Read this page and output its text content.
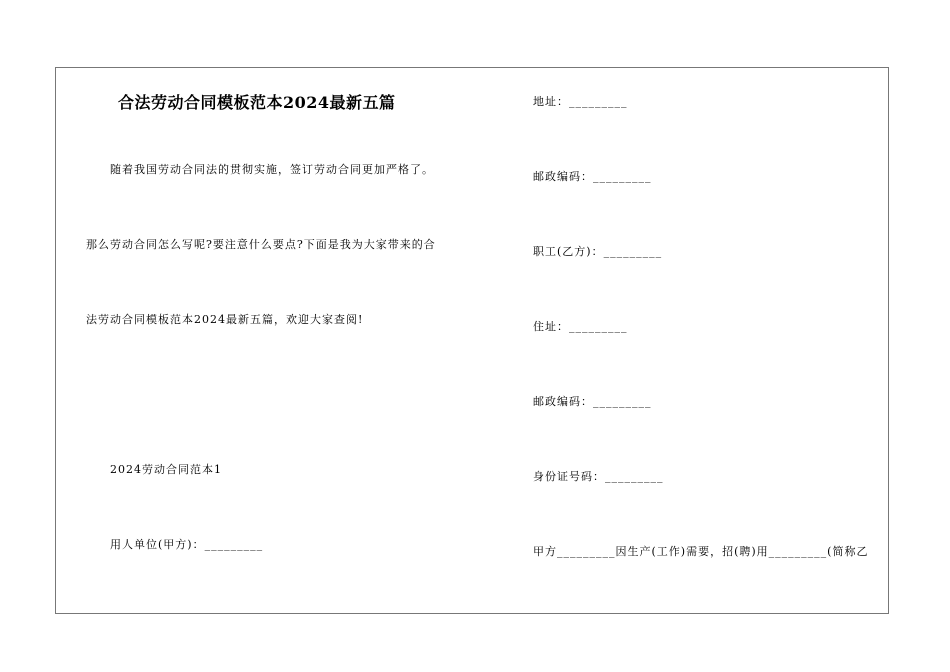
合法劳动合同模板范本2024最新五篇
随着我国劳动合同法的贯彻实施，签订劳动合同更加严格了。
那么劳动合同怎么写呢?要注意什么要点?下面是我为大家带来的合
法劳动合同模板范本2024最新五篇，欢迎大家查阅!
2024劳动合同范本1
用人单位(甲方)：_________
地址：_________
邮政编码：_________
职工(乙方)：_________
住址：_________
邮政编码：_________
身份证号码：_________
甲方_________因生产(工作)需要，招(聘)用_________(简称乙
